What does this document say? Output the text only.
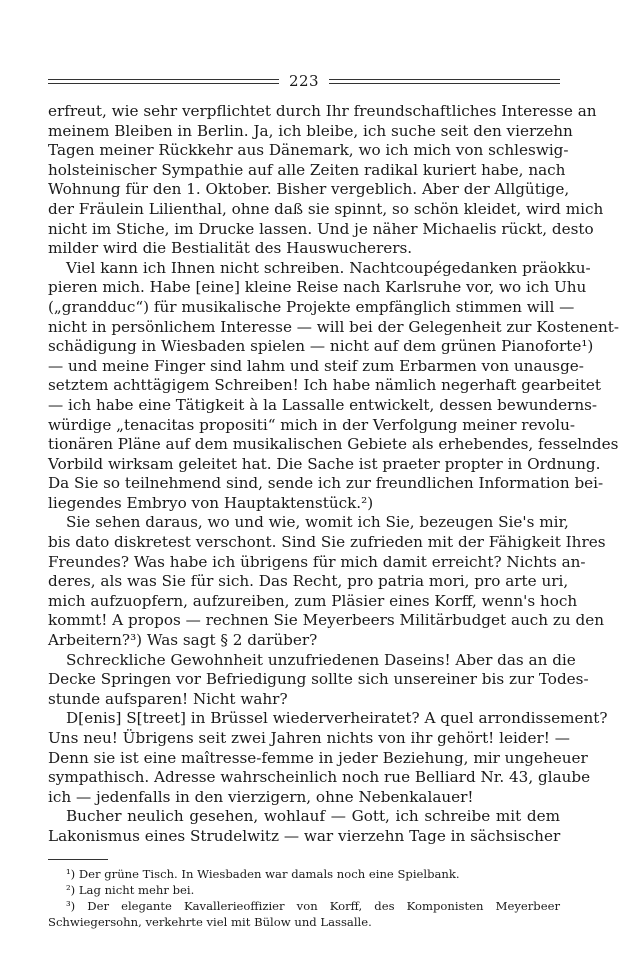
223

erfreut, wie sehr verpflichtet durch Ihr freundschaftliches Interesse an
meinem Bleiben in Berlin. Ja, ich bleibe, ich suche seit den vierzehn
Tagen meiner Rückkehr aus Dänemark, wo ich mich von schleswig-
holsteinischer Sympathie auf alle Zeiten radikal kuriert habe, nach
Wohnung für den 1. Oktober. Bisher vergeblich. Aber der Allgütige,
der Fräulein Lilienthal, ohne daß sie spinnt, so schön kleidet, wird mich
nicht im Stiche, im Drucke lassen. Und je näher Michaelis rückt, desto
milder wird die Bestialität des Hauswucherers.

Viel kann ich Ihnen nicht schreiben. Nachtcoupégedanken präokku-
pieren mich. Habe [eine] kleine Reise nach Karlsruhe vor, wo ich Uhu
(„grandduc“) für musikalische Projekte empfänglich stimmen will —
nicht in persönlichem Interesse — will bei der Gelegenheit zur Kostenent-
schädigung in Wiesbaden spielen — nicht auf dem grünen Pianoforte¹)
— und meine Finger sind lahm und steif zum Erbarmen von unausge-
setztem achttägigem Schreiben! Ich habe nämlich negerhaft gearbeitet
— ich habe eine Tätigkeit à la Lassalle entwickelt, dessen bewunderns-
würdige „tenacitas propositi“ mich in der Verfolgung meiner revolu-
tionären Pläne auf dem musikalischen Gebiete als erhebendes, fesselndes
Vorbild wirksam geleitet hat. Die Sache ist praeter propter in Ordnung.
Da Sie so teilnehmend sind, sende ich zur freundlichen Information bei-
liegendes Embryo von Hauptaktenstück.²)

Sie sehen daraus, wo und wie, womit ich Sie, bezeugen Sie's mir,
bis dato diskretest verschont. Sind Sie zufrieden mit der Fähigkeit Ihres
Freundes? Was habe ich übrigens für mich damit erreicht? Nichts an-
deres, als was Sie für sich. Das Recht, pro patria mori, pro arte uri,
mich aufzuopfern, aufzureiben, zum Pläsier eines Korff, wenn's hoch
kommt! A propos — rechnen Sie Meyerbeers Militärbudget auch zu den
Arbeitern?³) Was sagt § 2 darüber?

Schreckliche Gewohnheit unzufriedenen Daseins! Aber das an die
Decke Springen vor Befriedigung sollte sich unsereiner bis zur Todes-
stunde aufsparen! Nicht wahr?

D[enis] S[treet] in Brüssel wiederverheiratet? A quel arrondissement?
Uns neu! Übrigens seit zwei Jahren nichts von ihr gehört! leider! —
Denn sie ist eine maîtresse-femme in jeder Beziehung, mir ungeheuer
sympathisch. Adresse wahrscheinlich noch rue Belliard Nr. 43, glaube
ich — jedenfalls in den vierzigern, ohne Nebenkalauer!

Bucher neulich gesehen, wohlauf — Gott, ich schreibe mit dem
Lakonismus eines Strudelwitz — war vierzehn Tage in sächsischer

¹) Der grüne Tisch. In Wiesbaden war damals noch eine Spielbank.
²) Lag nicht mehr bei.
³) Der elegante Kavallerieoffizier von Korff, des Komponisten Meyerbeer
Schwiegersohn, verkehrte viel mit Bülow und Lassalle.
